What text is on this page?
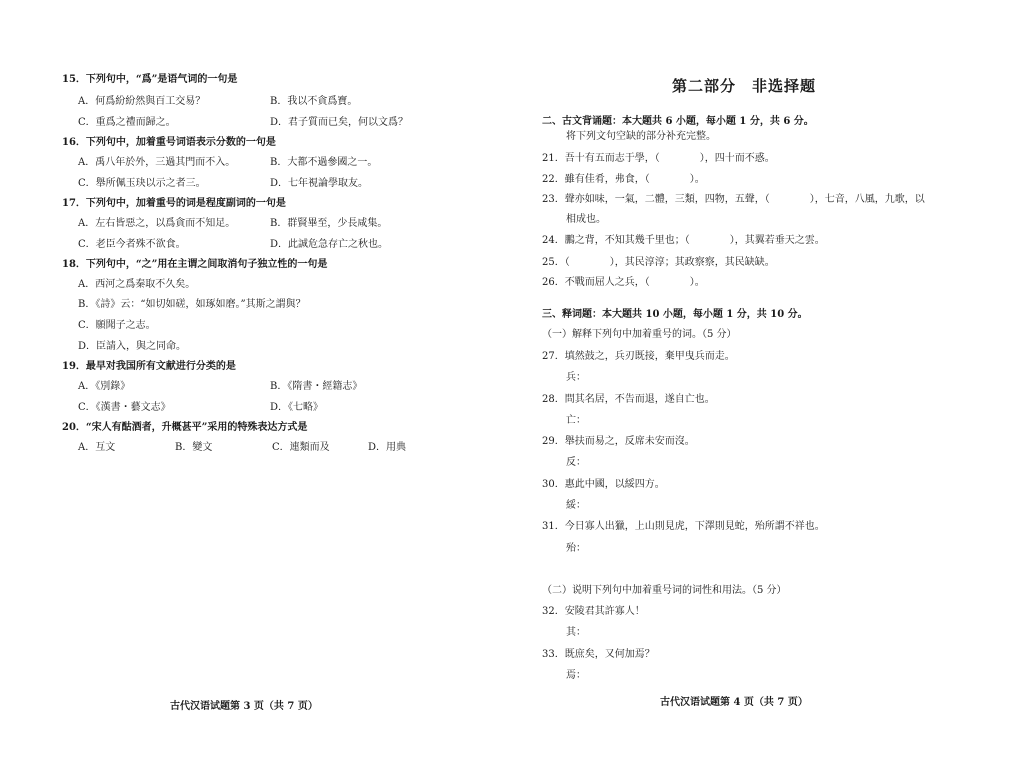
15．下列句中，“爲”是语气词的一句是
A．何爲紛紛然與百工交易？	B．我以不貪爲寶。
C．重爲之禮而歸之。	D．君子質而已矣，何以文爲？
16．下列句中，加着重号词语表示分数的一句是
A．禹八年於外，三過其門而不入。	B．大都不過參國之一。
C．舉所佩玉玦以示之者三。	D．七年視論學取友。
17．下列句中，加着重号的词是程度副词的一句是
A．左右皆惡之，以爲貪而不知足。	B．群賢畢至，少長咸集。
C．老臣今者殊不欲食。	D．此誠危急存亡之秋也。
18．下列句中，“之”用在主谓之间取消句子独立性的一句是
A．西河之爲秦取不久矣。
B．《詩》云：“如切如磋，如琢如磨。”其斯之謂與？
C．願聞子之志。
D．臣請入，與之同命。
19．最早对我国所有文献进行分类的是
A．《別錄》	B．《隋書・經籍志》
C．《漢書・藝文志》	D．《七略》
20．“宋人有酤酒者，升概甚平”采用的特殊表达方式是
A．互文	B．變文	C．連類而及	D．用典
古代汉语试题第 3 页（共 7 页）
第二部分　非选择题
二、古文背诵题：本大题共 6 小题，每小题 1 分，共 6 分。
将下列文句空缺的部分补充完整。
21．吾十有五而志于學，（　　　　），四十而不惑。
22．雖有佳肴，弗食，（　　　　）。
23．聲亦如味，一氣，二體，三類，四物，五聲，（　　　　），七音，八風，九歌，以
相成也。
24．鵬之背，不知其幾千里也；（　　　　），其翼若垂天之雲。
25．（　　　　），其民淳淳；其政察察，其民缺缺。
26．不戰而屈人之兵，（　　　　）。
三、释词题：本大题共 10 小题，每小题 1 分，共 10 分。
（一）解释下列句中加着重号的词。（5 分）
27．填然鼓之，兵刃既接，棄甲曳兵而走。
兵：
28．問其名居，不告而退，遂自亡也。
亡：
29．舉扶而易之，反席未安而沒。
反：
30．惠此中國，以綏四方。
綏：
31．今日寡人出獵，上山則見虎，下澤則見蛇，殆所謂不祥也。
殆：
（二）说明下列句中加着重号词的词性和用法。（5 分）
32．安陵君其許寡人！
其：
33．既庶矣，又何加焉？
焉：
古代汉语试题第 4 页（共 7 页）
